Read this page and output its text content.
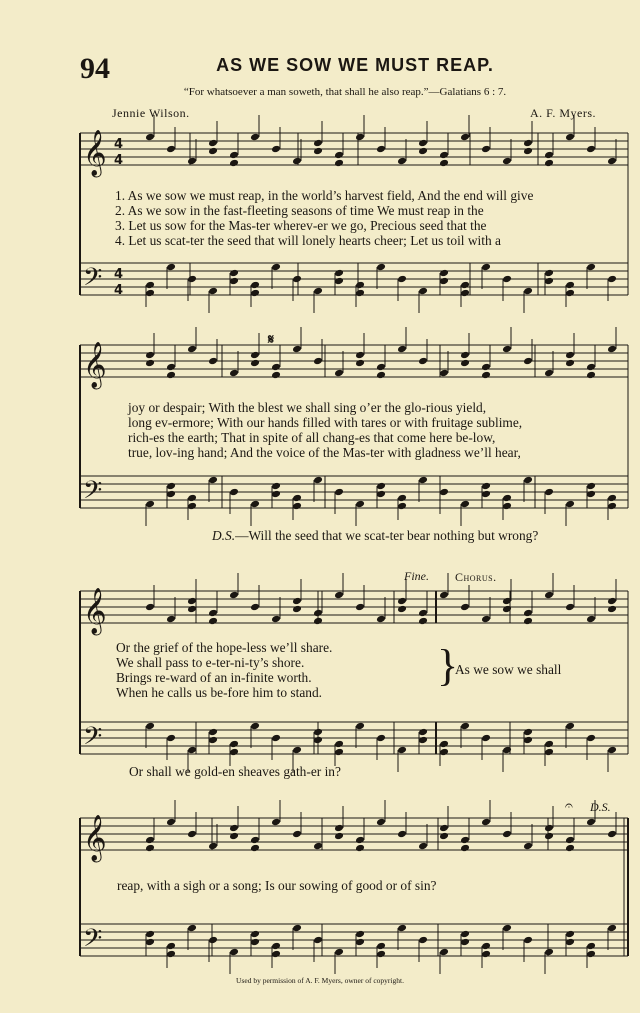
94	AS WE SOW WE MUST REAP.
“For whatsoever a man soweth, that shall he also reap.”—Galatians 6 : 7.
Jennie Wilson.	A. F. Myers.
𝄞
𝄢
4
4
4
4
𝄞
𝄢
𝄞
𝄢
𝄞
𝄢
𝄋
𝄐
1. As we sow we must reap, in the world’s harvest field, And the end will give
2. As we sow in the fast-fleeting seasons of time We must reap in the
3. Let us sow for the Mas-ter wherev-er we go, Precious seed that the
4. Let us scat-ter the seed that will lonely hearts cheer; Let us toil with a
joy or despair; With the blest we shall sing o’er the glo-rious yield,
long ev-ermore; With our hands filled with tares or with fruitage sublime,
rich-es the earth; That in spite of all chang-es that come here be-low,
true, lov-ing hand; And the voice of the Mas-ter with gladness we’ll hear,
D.S.—Will the seed that we scat-ter bear nothing but wrong?
Fine. Chorus.
Or the grief of the hope-less we’ll share.
We shall pass to e-ter-ni-ty’s shore.
Brings re-ward of an in-finite worth.
When he calls us be-fore him to stand.
}
As we sow we shall
Or shall we gold-en sheaves gath-er in?
D.S.
reap, with a sigh or a song; Is our sowing of good or of sin?
Used by permission of A. F. Myers, owner of copyright.
